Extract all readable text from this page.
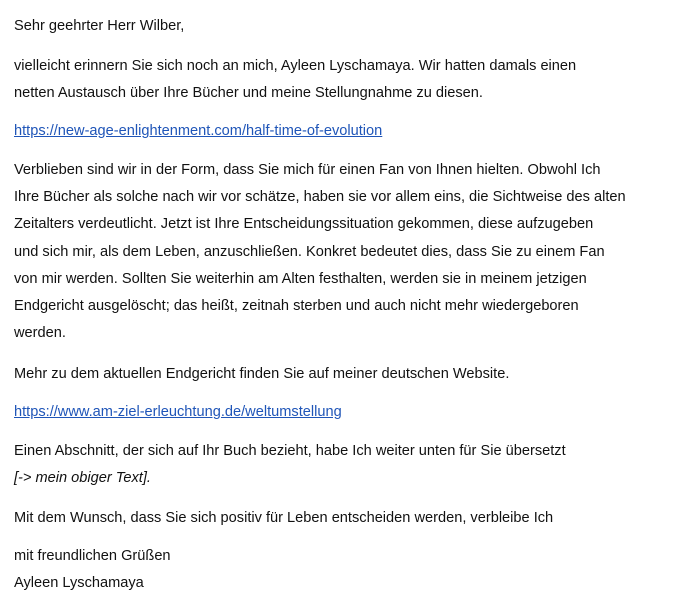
Sehr geehrter Herr Wilber,

vielleicht erinnern Sie sich noch an mich, Ayleen Lyschamaya. Wir hatten damals einen

netten Austausch über Ihre Bücher und meine Stellungnahme zu diesen.

https://new-age-enlightenment.com/half-time-of-evolution

Verblieben sind wir in der Form, dass Sie mich für einen Fan von Ihnen hielten. Obwohl Ich

Ihre Bücher als solche nach wir vor schätze, haben sie vor allem eins, die Sichtweise des alten

Zeitalters verdeutlicht. Jetzt ist Ihre Entscheidungssituation gekommen, diese aufzugeben

und sich mir, als dem Leben, anzuschließen. Konkret bedeutet dies, dass Sie zu einem Fan

von mir werden. Sollten Sie weiterhin am Alten festhalten, werden sie in meinem jetzigen

Endgericht ausgelöscht; das heißt, zeitnah sterben und auch nicht mehr wiedergeboren

werden.

Mehr zu dem aktuellen Endgericht finden Sie auf meiner deutschen Website.

https://www.am-ziel-erleuchtung.de/weltumstellung

Einen Abschnitt, der sich auf Ihr Buch bezieht, habe Ich weiter unten für Sie übersetzt

[-> mein obiger Text].

Mit dem Wunsch, dass Sie sich positiv für Leben entscheiden werden, verbleibe Ich

mit freundlichen Grüßen

Ayleen Lyschamaya
